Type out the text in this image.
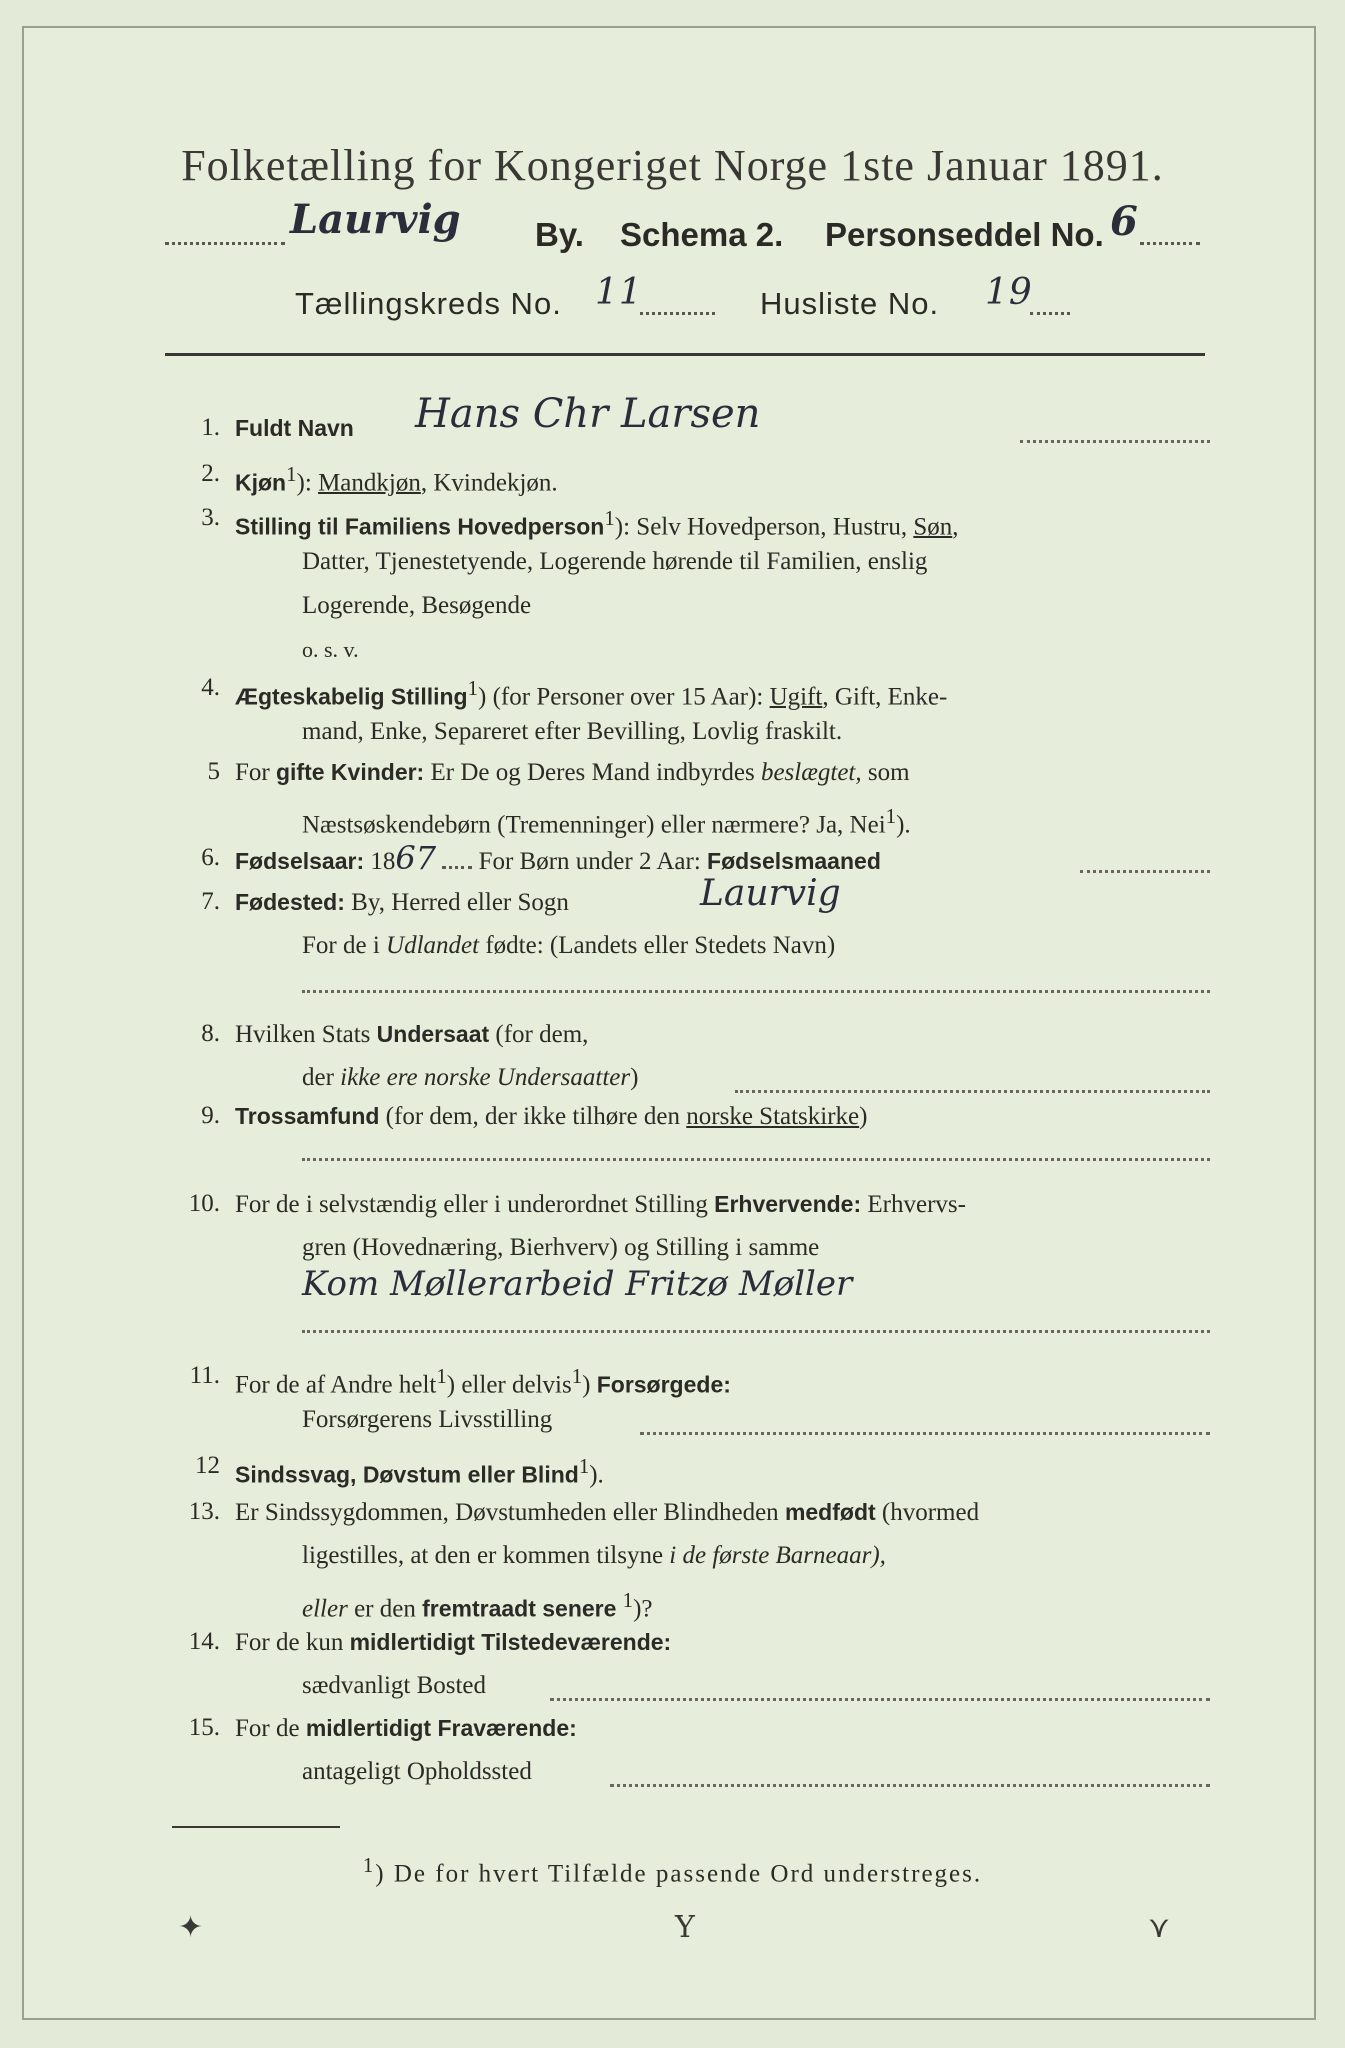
Folketælling for Kongeriget Norge 1ste Januar 1891.
Laurvig By. Schema 2. Personseddel No. 6
Tællingskreds No. 11	Husliste No. 19
1. Fuldt Navn	Hans Chr Larsen
2. Kjøn$^1$): Mandkjøn, Kvindekjøn.
3. Stilling til Familiens Hovedperson$^1$): Selv Hovedperson, Hustru, Søn,
Datter, Tjenestetyende, Logerende hørende til Familien, enslig
Logerende, Besøgende
o. s. v.
4. Ægteskabelig Stilling$^1$) (for Personer over 15 Aar): Ugift, Gift, Enke-
mand, Enke, Separeret efter Bevilling, Lovlig fraskilt.
5 For gifte Kvinder: Er De og Deres Mand indbyrdes beslægtet, som
Næstsøskendebørn (Tremenninger) eller nærmere? Ja, Nei$^1$).
6. Fødselsaar: 1867 For Børn under 2 Aar: Fødselsmaaned
7. Fødested: By, Herred eller Sogn	Laurvig
For de i Udlandet fødte: (Landets eller Stedets Navn)
8. Hvilken Stats Undersaat (for dem,
der ikke ere norske Undersaatter)
9. Trossamfund (for dem, der ikke tilhøre den norske Statskirke)
10. For de i selvstændig eller i underordnet Stilling Erhvervende: Erhvervs-
gren (Hovednæring, Bierhverv) og Stilling i samme
Kom Møllerarbeid Fritzø Møller
11. For de af Andre helt$^1$) eller delvis$^1$) Forsørgede:
Forsørgerens Livsstilling
12 Sindssvag, Døvstum eller Blind$^1$).
13. Er Sindssygdommen, Døvstumheden eller Blindheden medfødt (hvormed
ligestilles, at den er kommen tilsyne i de første Barneaar),
eller er den fremtraadt senere $^1$)?
14. For de kun midlertidigt Tilstedeværende:
sædvanligt Bosted
15. For de midlertidigt Fraværende:
antageligt Opholdssted
$^1$) De for hvert Tilfælde passende Ord understreges.
✦	Y	⋎
